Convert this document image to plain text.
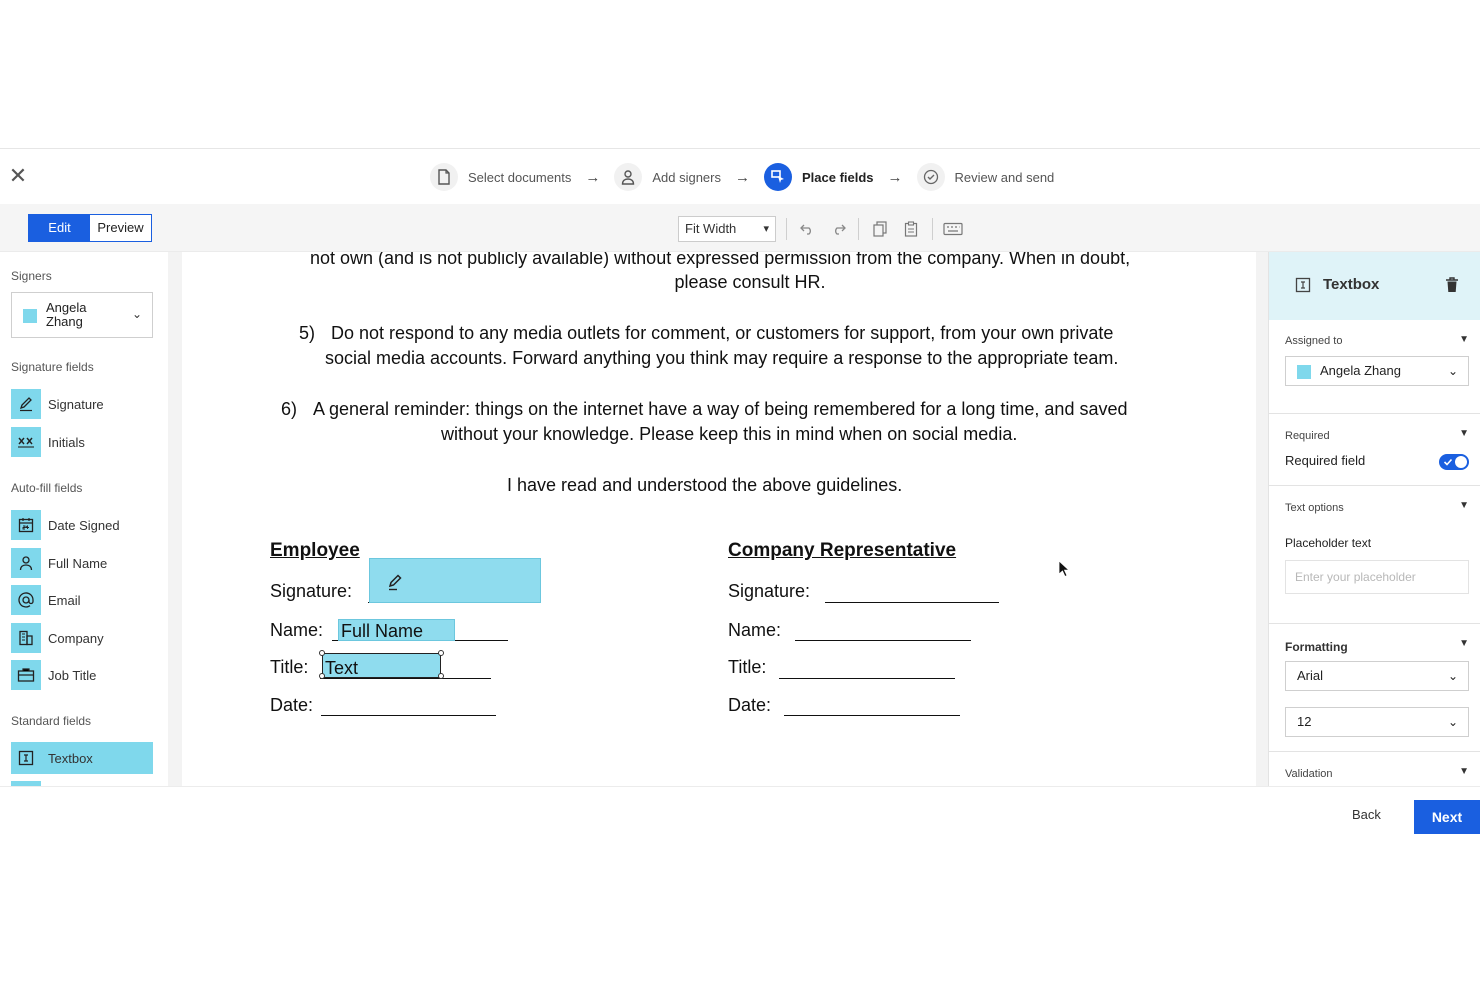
✕	Select documents →	Add signers →	Place fields →	Review and send
Edit	Preview	Fit Width ▾
Signers
Angela Zhang	⌄
Signature fields
Signature
Initials
Auto-fill fields
Date Signed
Full Name
Email
Company
Job Title
Standard fields
Textbox
not own (and is not publicly available) without expressed permission from the company. When in doubt,
please consult HR.
5) Do not respond to any media outlets for comment, or customers for support, from your own private
social media accounts. Forward anything you think may require a response to the appropriate team.
6) A general reminder: things on the internet have a way of being remembered for a long time, and saved
without your knowledge. Please keep this in mind when on social media.
I have read and understood the above guidelines.
Employee
Signature:
Name: Full Name
Title: Text
Date:
Company Representative
Signature:
Name:
Title:
Date:
Textbox
Assigned to	▼
Angela Zhang	⌄
Required	▼
Required field
Text options	▼
Placeholder text
Enter your placeholder
Formatting	▼
Arial	⌄
12	⌄
Validation	▼
Back	Next
